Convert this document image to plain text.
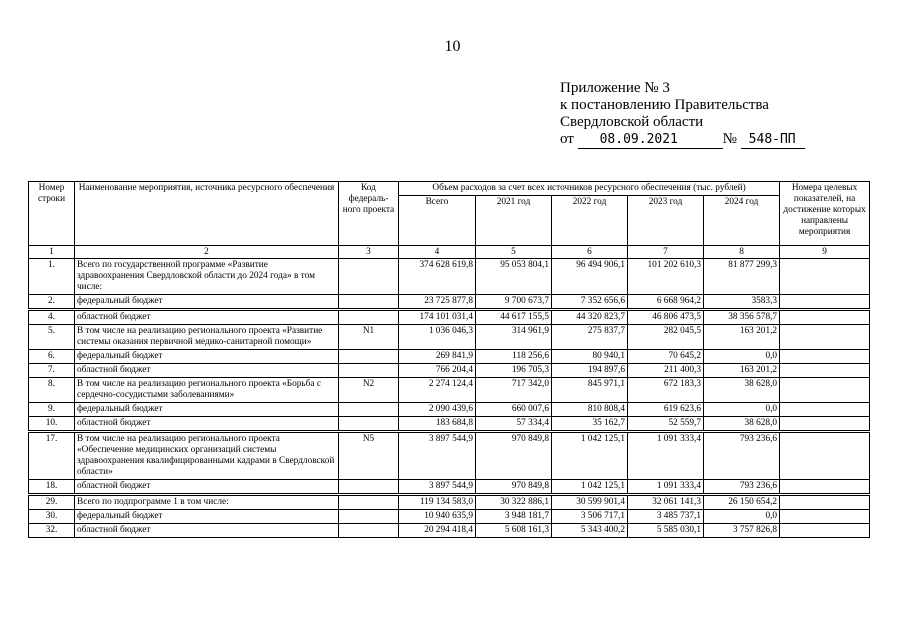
10
Приложение № 3
к постановлению Правительства
Свердловской области
от 08.09.2021	№ 548-ПП
Номер строки	Наименование мероприятия, источника ресурсного обеспечения	Код федераль-ного проекта	Объем расходов за счет всех источников ресурсного обеспечения (тыс. рублей)					Номера целевых показателей, на достижение которых направлены мероприятия
			Всего	2021 год	2022 год	2023 год	2024 год	
1	2	3	4	5	6	7	8	9
1.	Всего по государственной программе «Развитие здравоохранения Свердловской области до 2024 года» в том числе:		374 628 619,8	95 053 804,1	96 494 906,1	101 202 610,3	81 877 299,3	
2.	федеральный бюджет		23 725 877,8	9 700 673,7	7 352 656,6	6 668 964,2	3583,3	
4.	областной бюджет		174 101 031,4	44 617 155,5	44 320 823,7	46 806 473,5	38 356 578,7	
5.	В том числе на реализацию регионального проекта «Развитие системы оказания первичной медико-санитарной помощи»	N1	1 036 046,3	314 961,9	275 837,7	282 045,5	163 201,2	
6.	федеральный бюджет		269 841,9	118 256,6	80 940,1	70 645,2	0,0	
7.	областной бюджет		766 204,4	196 705,3	194 897,6	211 400,3	163 201,2	
8.	В том числе на реализацию регионального проекта «Борьба с сердечно-сосудистыми заболеваниями»	N2	2 274 124,4	717 342,0	845 971,1	672 183,3	38 628,0	
9.	федеральный бюджет		2 090 439,6	660 007,6	810 808,4	619 623,6	0,0	
10.	областной бюджет		183 684,8	57 334,4	35 162,7	52 559,7	38 628,0	
17.	В том числе на реализацию регионального проекта «Обеспечение медицинских организаций системы здравоохранения квалифицированными кадрами в Свердловской области»	N5	3 897 544,9	970 849,8	1 042 125,1	1 091 333,4	793 236,6	
18.	областной бюджет		3 897 544,9	970 849,8	1 042 125,1	1 091 333,4	793 236,6	
29.	Всего по подпрограмме 1 в том числе:		119 134 583,0	30 322 886,1	30 599 901,4	32 061 141,3	26 150 654,2	
30.	федеральный бюджет		10 940 635,9	3 948 181,7	3 506 717,1	3 485 737,1	0,0	
32.	областной бюджет		20 294 418,4	5 608 161,3	5 343 400,2	5 585 030,1	3 757 826,8	
